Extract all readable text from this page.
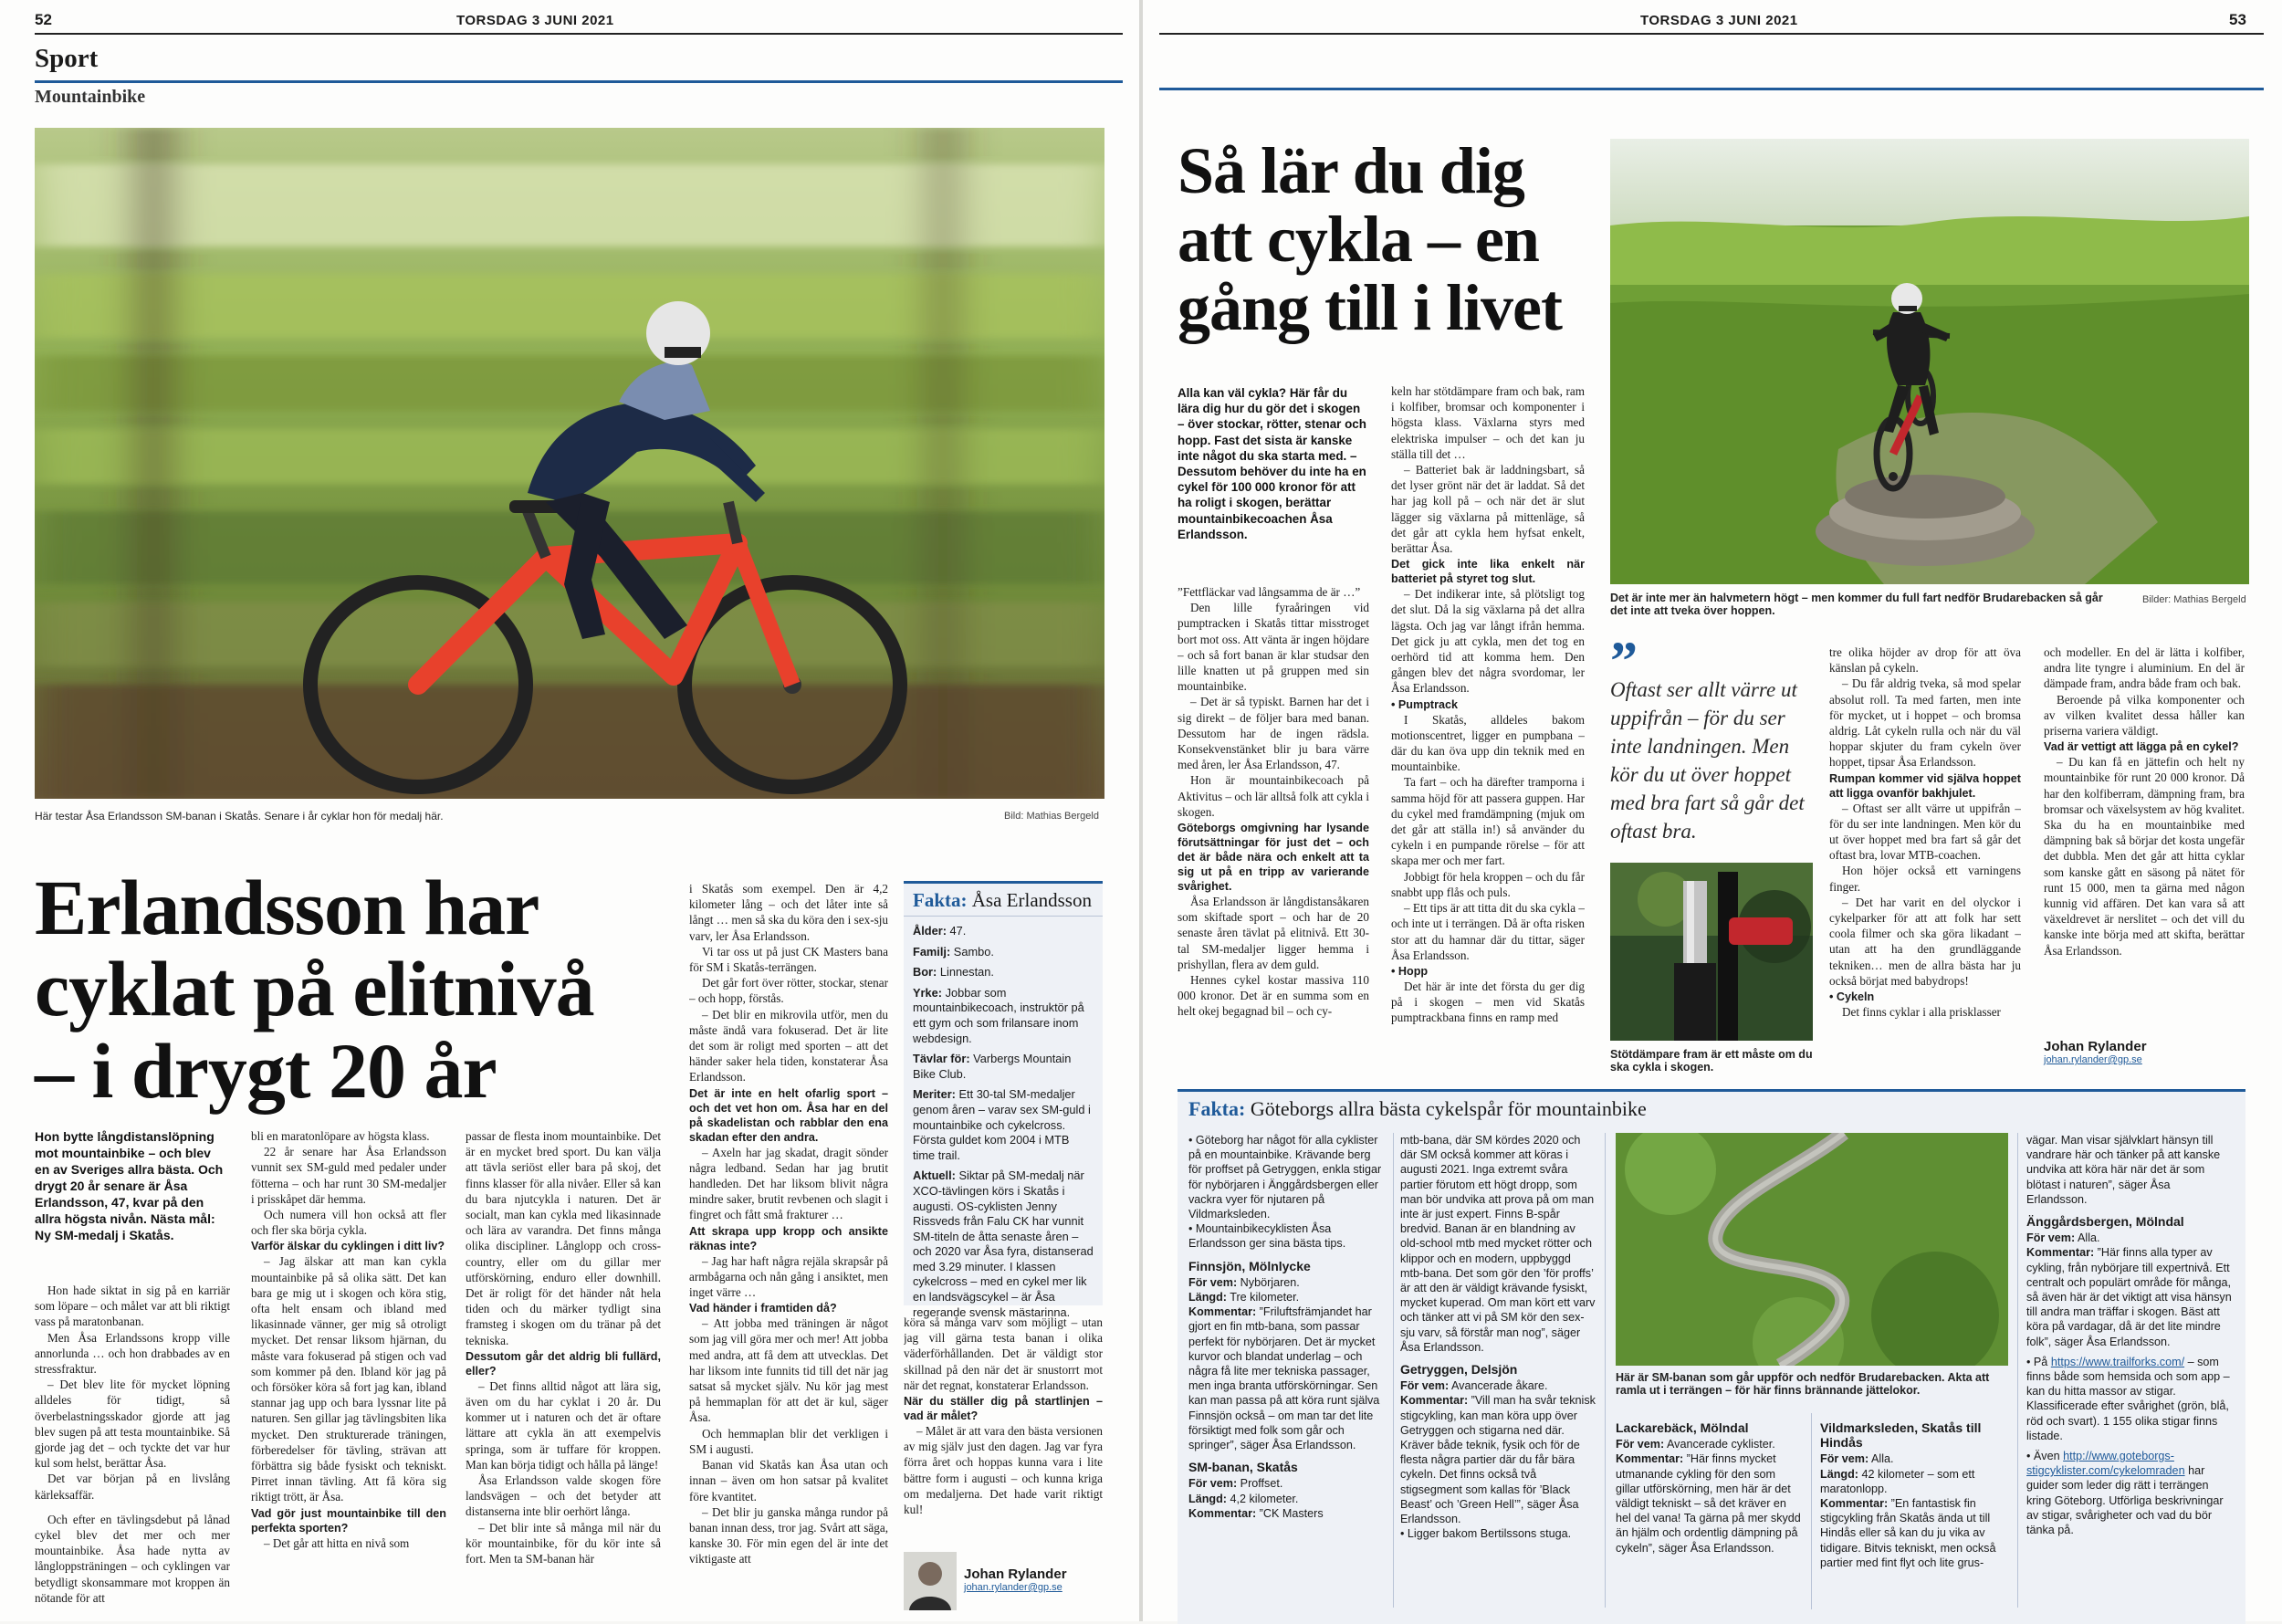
52	TORSDAG 3 JUNI 2021
Sport
Mountainbike
Här testar Åsa Erlandsson SM-banan i Skatås. Senare i år cyklar hon för medalj här.	Bild: Mathias Bergeld
Erlandsson har
cyklat på elitnivå
– i drygt 20 år
Hon bytte långdistanslöpning mot mountainbike – och blev en av Sveriges allra bästa. Och drygt 20 år senare är Åsa Erlandsson, 47, kvar på den allra högsta nivån. Nästa mål: Ny SM-medalj i Skatås.

Hon hade siktat in sig på en karriär som löpare – och målet var att bli riktigt vass på maratonbanan.

Men Åsa Erlandssons kropp ville annorlunda … och hon drabbades av en stressfraktur.

– Det blev lite för mycket löpning alldeles för tidigt, så överbelastningsskador gjorde att jag blev sugen på att testa mountainbike. Så gjorde jag det – och tyckte det var hur kul som helst, berättar Åsa.

Det var början på en livslång kärleksaffär.

Och efter en tävlingsdebut på lånad cykel blev det mer och mer mountainbike. Åsa hade nytta av långloppsträningen – och cyklingen var betydligt skonsammare mot kroppen än nötande för att

bli en maratonlöpare av högsta klass.

22 år senare har Åsa Erlandsson vunnit sex SM-guld med pedaler under fötterna – och har runt 30 SM-medaljer i prisskåpet där hemma.

Och numera vill hon också att fler och fler ska börja cykla.

Varför älskar du cyklingen i ditt liv?

– Jag älskar att man kan cykla mountainbike på så olika sätt. Det kan bara ge mig ut i skogen och köra stig, ofta helt ensam och ibland med likasinnade vänner, ger mig så otroligt mycket. Det rensar liksom hjärnan, du måste vara fokuserad på stigen och vad som kommer på den. Ibland kör jag på och försöker köra så fort jag kan, ibland stannar jag upp och bara lyssnar lite på naturen. Sen gillar jag tävlingsbiten lika mycket. Den strukturerade träningen, förberedelser för tävling, strävan att förbättra sig både fysiskt och tekniskt. Pirret innan tävling. Att få köra sig riktigt trött, är Åsa.

Vad gör just mountainbike till den perfekta sporten?

– Det går att hitta en nivå som

passar de flesta inom mountainbike. Det är en mycket bred sport. Du kan välja att tävla seriöst eller bara på skoj, det finns klasser för alla nivåer. Eller så kan du bara njutcykla i naturen. Det är socialt, man kan cykla med likasinnade och lära av varandra. Det finns många olika discipliner. Långlopp och cross-country, eller om du gillar mer utförskörning, enduro eller downhill. Det är roligt för det händer nåt hela tiden och du märker tydligt sina framsteg i skogen om du tränar på det tekniska.

Dessutom går det aldrig bli fullärd, eller?

– Det finns alltid något att lära sig, även om du har cyklat i 20 år. Du kommer ut i naturen och det är oftare lättare att cykla än att exempelvis springa, som är tuffare för kroppen. Man kan börja tidigt och hålla på länge!

Åsa Erlandsson valde skogen före landsvägen – och det betyder att distanserna inte blir oerhört långa.

– Det blir inte så många mil när du kör mountainbike, för du kör inte så fort. Men ta SM-banan här

i Skatås som exempel. Den är 4,2 kilometer lång – och det låter inte så långt … men så ska du köra den i sex-sju varv, ler Åsa Erlandsson.

Vi tar oss ut på just CK Masters bana för SM i Skatås-terrängen.

Det går fort över rötter, stockar, stenar – och hopp, förstås.

– Det blir en mikrovila utför, men du måste ändå vara fokuserad. Det är lite det som är roligt med sporten – att det händer saker hela tiden, konstaterar Åsa Erlandsson.

Det är inte en helt ofarlig sport – och det vet hon om. Åsa har en del på skadelistan och rabblar den ena skadan efter den andra.

– Axeln har jag skadat, dragit sönder några ledband. Sedan har jag brutit handleden. Det har liksom blivit några mindre saker, brutit revbenen och slagit i fingret och fått små frakturer …

Att skrapa upp kropp och ansikte räknas inte?

– Jag har haft några rejäla skrapsår på armbågarna och nån gång i ansiktet, men inget värre …

Vad händer i framtiden då?

– Att jobba med träningen är något som jag vill göra mer och mer! Att jobba med andra, att få dem att utvecklas. Det har liksom inte funnits tid till det när jag satsat så mycket själv. Nu kör jag mest på hemmaplan för att det är kul, säger Åsa.

Och hemmaplan blir det verkligen i SM i augusti.

Banan vid Skatås kan Åsa utan och innan – även om hon satsar på kvalitet före kvantitet.

– Det blir ju ganska många rundor på banan innan dess, tror jag. Svårt att säga, kanske 30. För min egen del är inte det viktigaste att

köra så många varv som möjligt – utan jag vill gärna testa banan i olika väderförhållanden. Det är väldigt stor skillnad på den när det är snustorrt mot när det regnat, konstaterar Erlandsson.

När du ställer dig på startlinjen – vad är målet?

– Målet är att vara den bästa versionen av mig själv just den dagen. Jag var fyra förra året och hoppas kunna vara i lite bättre form i augusti – och kunna kriga om medaljerna. Det hade varit riktigt kul!

Fakta: Åsa Erlandsson

Ålder: 47.

Familj: Sambo.

Bor: Linnestan.

Yrke: Jobbar som mountainbikecoach, instruktör på ett gym och som frilansare inom webdesign.

Tävlar för: Varbergs Mountain Bike Club.

Meriter: Ett 30-tal SM-medaljer genom åren – varav sex SM-guld i mountainbike och cykelcross. Första guldet kom 2004 i MTB time trail.

Aktuell: Siktar på SM-medalj när XCO-tävlingen körs i Skatås i augusti. OS-cyklisten Jenny Rissveds från Falu CK har vunnit SM-titeln de åtta senaste åren – och 2020 var Åsa fyra, distanserad med 3.29 minuter. I klassen cykelcross – med en cykel mer lik en landsvägscykel – är Åsa regerande svensk mästarinna.

Johan Rylander
johan.rylander@gp.se
53
TORSDAG 3 JUNI 2021
Så lär du dig
att cykla – en
gång till i livet
Det är inte mer än halvmetern högt – men kommer du full fart nedför Brudarebacken så går det inte att tveka över hoppen.
Bilder: Mathias Bergeld
Alla kan väl cykla? Här får du lära dig hur du gör det i skogen – över stockar, rötter, stenar och hopp. Fast det sista är kanske inte något du ska starta med. – Dessutom behöver du inte ha en cykel för 100 000 kronor för att ha roligt i skogen, berättar mountainbikecoachen Åsa Erlandsson.

”Fettfläckar vad långsamma de är …”

Den lille fyraåringen vid pumptracken i Skatås tittar misstroget bort mot oss. Att vänta är ingen höjdare – och så fort banan är klar studsar den lille knatten ut på gruppen med sin mountainbike.

– Det är så typiskt. Barnen har det i sig direkt – de följer bara med banan. Dessutom har de ingen rädsla. Konsekvenstänket blir ju bara värre med åren, ler Åsa Erlandsson, 47.

Hon är mountainbikecoach på Aktivitus – och lär alltså folk att cykla i skogen.

Göteborgs omgivning har lysande förutsättningar för just det – och det är både nära och enkelt att ta sig ut på en tripp av varierande svårighet.

Åsa Erlandsson är långdistansåkaren som skiftade sport – och har de 20 senaste åren tävlat på elitnivå. Ett 30-tal SM-medaljer ligger hemma i prishyllan, flera av dem guld.

Hennes cykel kostar massiva 110 000 kronor. Det är en summa som en helt okej begagnad bil – och cy-

keln har stötdämpare fram och bak, ram i kolfiber, bromsar och komponenter i högsta klass. Växlarna styrs med elektriska impulser – och det kan ju ställa till det …

– Batteriet bak är laddningsbart, så det lyser grönt när det är laddat. Så det har jag koll på – och när det är slut lägger sig växlarna på mittenläge, så det går att cykla hem hyfsat enkelt, berättar Åsa.

Det gick inte lika enkelt när batteriet på styret tog slut.

– Det indikerar inte, så plötsligt tog det slut. Då la sig växlarna på det allra lägsta. Och jag var långt ifrån hemma. Det gick ju att cykla, men det tog en oerhörd tid att komma hem. Den gången blev det några svordomar, ler Åsa Erlandsson.

• Pumptrack

I Skatås, alldeles bakom motionscentret, ligger en pumpbana – där du kan öva upp din teknik med en mountainbike.

Ta fart – och ha därefter tramporna i samma höjd för att passera guppen. Har du cykel med framdämpning (mjuk om det går att ställa in!) så använder du cykeln i en pumpande rörelse – för att skapa mer och mer fart.

Jobbigt för hela kroppen – och du får snabbt upp flås och puls.

– Ett tips är att titta dit du ska cykla – och inte ut i terrängen. Då är ofta risken stor att du hamnar där du tittar, säger Åsa Erlandsson.

• Hopp

Det här är inte det första du ger dig på i skogen – men vid Skatås pumptrackbana finns en ramp med

”
Oftast ser allt värre ut uppifrån – för du ser inte landningen. Men kör du ut över hoppet med bra fart så går det oftast bra.
Stötdämpare fram är ett måste om du ska cykla i skogen.

tre olika höjder av drop för att öva känslan på cykeln.

– Du får aldrig tveka, så mod spelar absolut roll. Ta med farten, men inte för mycket, ut i hoppet – och bromsa aldrig. Låt cykeln rulla och när du väl hoppar skjuter du fram cykeln över hoppet, tipsar Åsa Erlandsson.

Rumpan kommer vid själva hoppet att ligga ovanför bakhjulet.

– Oftast ser allt värre ut uppifrån – för du ser inte landningen. Men kör du ut över hoppet med bra fart så går det oftast bra, lovar MTB-coachen.

Hon höjer också ett varningens finger.

– Det har varit en del olyckor i cykelparker för att att folk har sett coola filmer och ska göra likadant – utan att ha den grundläggande tekniken… men de allra bästa har ju också börjat med babydrops!

• Cykeln

Det finns cyklar i alla prisklasser

och modeller. En del är lätta i kolfiber, andra lite tyngre i aluminium. En del är dämpade fram, andra både fram och bak.

Beroende på vilka komponenter och av vilken kvalitet dessa håller kan priserna variera väldigt.

Vad är vettigt att lägga på en cykel?

– Du kan få en jättefin och helt ny mountainbike för runt 20 000 kronor. Då har den kolfiberram, dämpning fram, bra bromsar och växelsystem av hög kvalitet. Ska du ha en mountainbike med dämpning bak så börjar det kosta ungefär det dubbla. Men det går att hitta cyklar som kanske gått en säsong på nätet för runt 15 000, men ta gärna med någon kunnig vid affären. Det kan vara så att växeldrevet är nerslitet – och det vill du kanske inte börja med att skifta, berättar Åsa Erlandsson.

Johan Rylander
johan.rylander@gp.se
Fakta: Göteborgs allra bästa cykelspår för mountainbike

• Göteborg har något för alla cyklister på en mountainbike. Krävande berg för proffset på Getryggen, enkla stigar för nybörjaren i Änggårdsbergen eller vackra vyer för njutaren på Vildmarksleden.

• Mountainbikecyklisten Åsa Erlandsson ger sina bästa tips.

Finnsjön, Mölnlycke

För vem: Nybörjaren.

Längd: Tre kilometer.

Kommentar: ”Friluftsfrämjandet har gjort en fin mtb-bana, som passar perfekt för nybörjaren. Det är mycket kurvor och blandat underlag – och några få lite mer tekniska passager, men inga branta utförskörningar. Sen kan man passa på att köra runt själva Finnsjön också – om man tar det lite försiktigt med folk som går och springer”, säger Åsa Erlandsson.

SM-banan, Skatås

För vem: Proffset.

Längd: 4,2 kilometer.

Kommentar: ”CK Masters

mtb-bana, där SM kördes 2020 och där SM också kommer att köras i augusti 2021. Inga extremt svåra partier förutom ett högt dropp, som man bör undvika att prova på om man inte är just expert. Finns B-spår bredvid. Banan är en blandning av old-school mtb med mycket rötter och klippor och en modern, uppbyggd mtb-bana. Det som gör den ’för proffs’ är att den är väldigt krävande fysiskt, mycket kuperad. Om man kört ett varv och tänker att vi på SM kör den sex-sju varv, så förstår man nog”, säger Åsa Erlandsson.

Getryggen, Delsjön

För vem: Avancerade åkare.

Kommentar: ”Vill man ha svår teknisk stigcykling, kan man köra upp över Getryggen och stigarna ned där. Kräver både teknik, fysik och för de flesta några partier där du får bära cykeln. Det finns också två stigsegment som kallas för ’Black Beast’ och ’Green Hell’”, säger Åsa Erlandsson.

• Ligger bakom Bertilssons stuga.

Här är SM-banan som går uppför och nedför Brudarebacken. Akta att ramla ut i terrängen – för här finns brännande jättelokor.
Lackarebäck, Mölndal

För vem: Avancerade cyklister.

Kommentar: ”Här finns mycket utmanande cykling för den som gillar utförskörning, men här är det väldigt tekniskt – så det kräver en hel del vana! Ta gärna på mer skydd än hjälm och ordentlig dämpning på cykeln”, säger Åsa Erlandsson.

Vildmarksleden, Skatås till Hindås

För vem: Alla.

Längd: 42 kilometer – som ett maratonlopp.

Kommentar: ”En fantastisk fin stigcykling från Skatås ända ut till Hindås eller så kan du ju vika av tidigare. Bitvis tekniskt, men också partier med fint flyt och lite grus-

vägar. Man visar självklart hänsyn till vandrare här och tänker på att kanske undvika att köra här när det är som blötast i naturen”, säger Åsa Erlandsson.

Änggårdsbergen, Mölndal

För vem: Alla.

Kommentar: ”Här finns alla typer av cykling, från nybörjare till expertnivå. Ett centralt och populärt område för många, så även här är det viktigt att visa hänsyn till andra man träffar i skogen. Bäst att köra på vardagar, då är det lite mindre folk”, säger Åsa Erlandsson.

• På https://www.trailforks.com/ – som finns både som hemsida och som app – kan du hitta massor av stigar. Klassificerade efter svårighet (grön, blå, röd och svart). 1 155 olika stigar finns listade.

• Även http://www.goteborgs-stigcyklister.com/cykelomraden har guider som leder dig rätt i terrängen kring Göteborg. Utförliga beskrivningar av stigar, svårigheter och vad du bör tänka på.
